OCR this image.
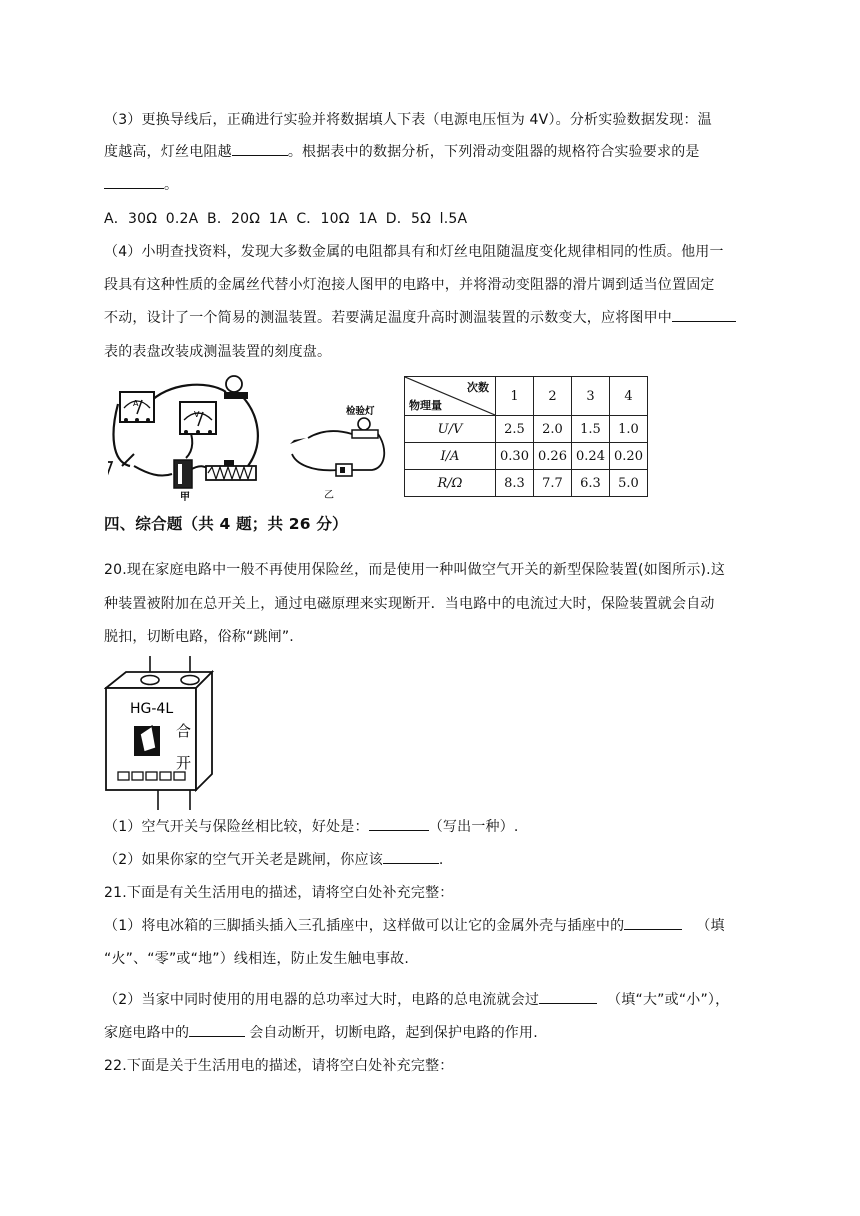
（3）更换导线后，正确进行实验并将数据填人下表（电源电压恒为 4V）。分析实验数据发现：温
度越高，灯丝电阻越	。根据表中的数据分析，下列滑动变阻器的规格符合实验要求的是
。
A．30Ω 0.2A B．20Ω 1A C．10Ω 1A D．5Ω l.5A
（4）小明查找资料，发现大多数金属的电阻都具有和灯丝电阻随温度变化规律相同的性质。他用一
段具有这种性质的金属丝代替小灯泡接人图甲的电路中，并将滑动变阻器的滑片调到适当位置固定
不动，设计了一个简易的测温装置。若要满足温度升高时测温装置的示数变大，应将图甲中
表的表盘改装成测温装置的刻度盘。
A
V
甲
检验灯
乙
次数
物理量	1	2	3	4
U/V	2.5	2.0	1.5	1.0
I/A	0.30	0.26	0.24	0.20
R/Ω	8.3	7.7	6.3	5.0
四、综合题（共 4 题；共 26 分）
20.现在家庭电路中一般不再使用保险丝，而是使用一种叫做空气开关的新型保险装置(如图所示).这
种装置被附加在总开关上，通过电磁原理来实现断开．当电路中的电流过大时，保险装置就会自动
脱扣，切断电路，俗称“跳闸”.
HG-4L
合
开
（1）空气开关与保险丝相比较，好处是：	（写出一种）.
（2）如果你家的空气开关老是跳闸，你应该	.
21.下面是有关生活用电的描述，请将空白处补充完整：
（1）将电冰箱的三脚插头插入三孔插座中，这样做可以让它的金属外壳与插座中的	（填
“火”、“零”或“地”）线相连，防止发生触电事故.
（2）当家中同时使用的用电器的总功率过大时，电路的总电流就会过	（填“大”或“小”），
家庭电路中的	会自动断开，切断电路，起到保护电路的作用.
22.下面是关于生活用电的描述，请将空白处补充完整：
